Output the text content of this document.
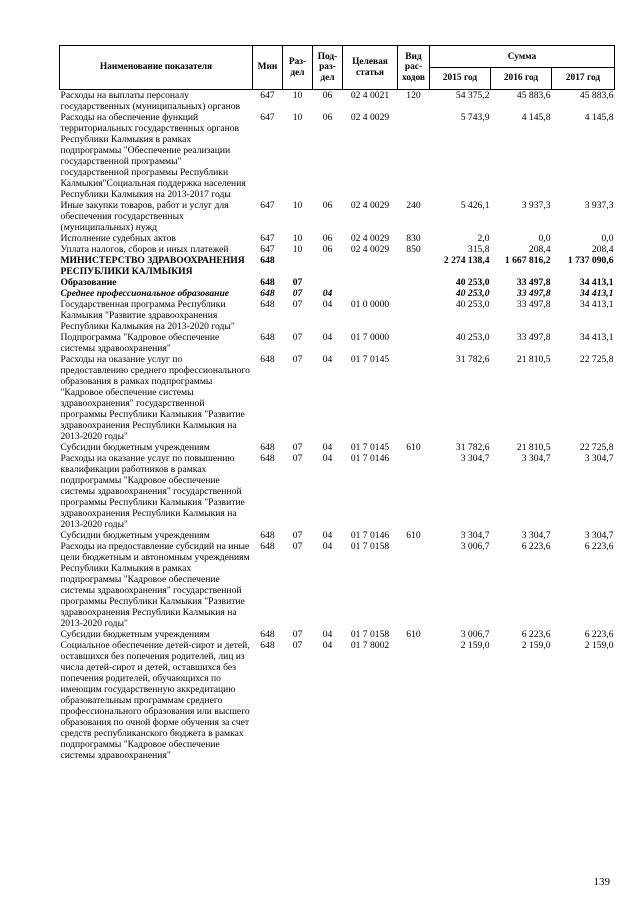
Наименование показателя	Мин	Раз-дел	Под-раз-дел	Целевая статья	Вид рас-ходов	Сумма		
						2015 год	2016 год	2017 год
Расходы на выплаты персоналу государственных (муниципальных) органов	647	10	06	02 4 0021	120	54 375,2	45 883,6	45 883,6
Расходы на обеспечение функций территориальных государственных органов Республики Калмыкия в рамках подпрограммы "Обеспечение реализации государственной программы" государственной программы Республики Калмыкия"Социальная поддержка населения Республики Калмыкия на 2013-2017 годы	647	10	06	02 4 0029		5 743,9	4 145,8	4 145,8
Иные закупки товаров, работ и услуг для обеспечения государственных (муниципальных) нужд	647	10	06	02 4 0029	240	5 426,1	3 937,3	3 937,3
Исполнение судебных актов	647	10	06	02 4 0029	830	2,0	0,0	0,0
Уплата налогов, сборов и иных платежей	647	10	06	02 4 0029	850	315,8	208,4	208,4
МИНИСТЕРСТВО ЗДРАВООХРАНЕНИЯ РЕСПУБЛИКИ КАЛМЫКИЯ	648					2 274 138,4	1 667 816,2	1 737 090,6
Образование	648	07				40 253,0	33 497,8	34 413,1
Среднее профессиональное образование	648	07	04			40 253,0	33 497,8	34 413,1
Государственная программа Республики Калмыкия "Развитие здравоохранения Республики Калмыкия на 2013-2020 годы"	648	07	04	01 0 0000		40 253,0	33 497,8	34 413,1
Подпрограмма "Кадровое обеспечение системы здравоохранения"	648	07	04	01 7 0000		40 253,0	33 497,8	34 413,1
Расходы на оказание услуг по предоставлению среднего профессионального образования в рамках подпрограммы "Кадровое обеспечение системы здравоохранения" государственной программы Республики Калмыкия "Развитие здравоохранения Республики Калмыкия на 2013-2020 годы"	648	07	04	01 7 0145		31 782,6	21 810,5	22 725,8
Субсидии бюджетным учреждениям	648	07	04	01 7 0145	610	31 782,6	21 810,5	22 725,8
Расходы на оказание услуг по повышению квалификации работников в рамках подпрограммы "Кадровое обеспечение системы здравоохранения" государственной программы Республики Калмыкия "Развитие здравоохранения Республики Калмыкия на 2013-2020 годы"	648	07	04	01 7 0146		3 304,7	3 304,7	3 304,7
Субсидии бюджетным учреждениям	648	07	04	01 7 0146	610	3 304,7	3 304,7	3 304,7
Расходы на предоставление субсидий на иные цели бюджетным и автономным учреждениям Республики Калмыкия в рамках подпрограммы "Кадровое обеспечение системы здравоохранения" государственной программы Республики Калмыкия "Развитие здравоохранения Республики Калмыкия на 2013-2020 годы"	648	07	04	01 7 0158		3 006,7	6 223,6	6 223,6
Субсидии бюджетным учреждениям	648	07	04	01 7 0158	610	3 006,7	6 223,6	6 223,6
Социальное обеспечение детей-сирот и детей, оставшихся без попечения родителей, лиц из числа детей-сирот и детей, оставшихся без попечения родителей, обучающихся по имеющим государственную аккредитацию образовательным программам среднего профессионального образования или высшего образования по очной форме обучения за счет средств республиканского бюджета в рамках подпрограммы "Кадровое обеспечение системы здравоохранения"	648	07	04	01 7 8002		2 159,0	2 159,0	2 159,0
139
